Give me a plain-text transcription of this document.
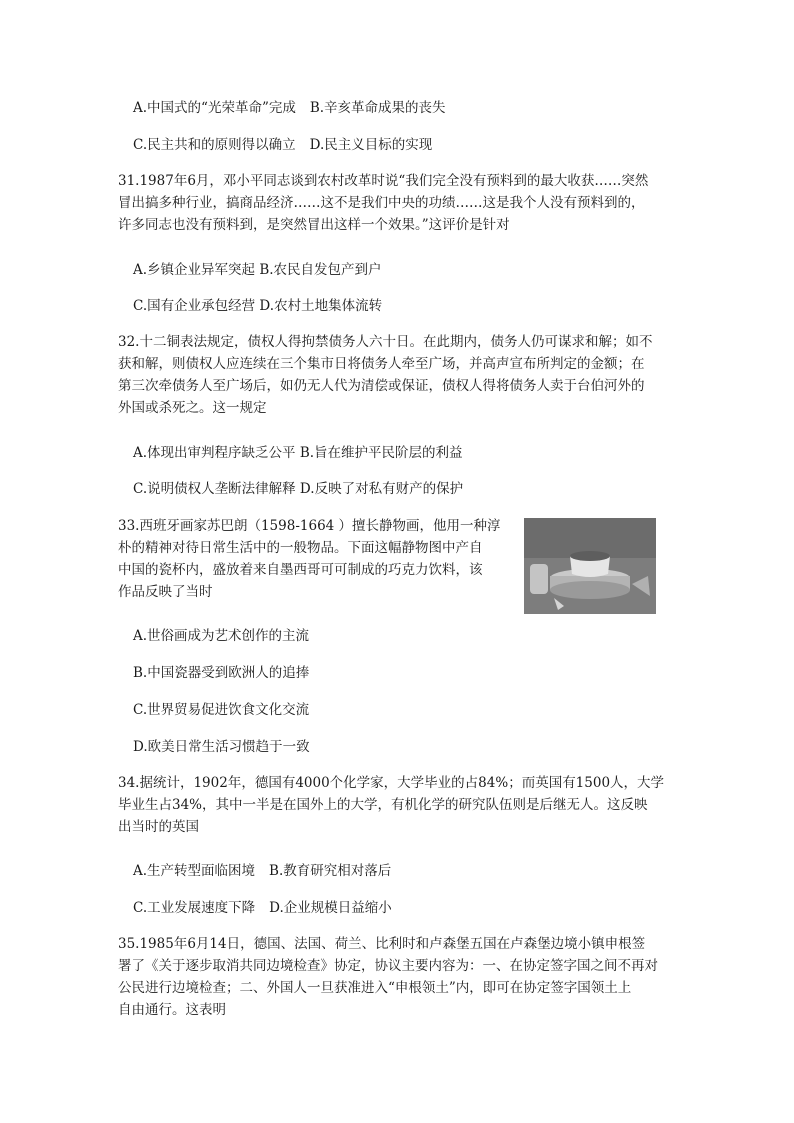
A.中国式的“光荣革命”完成 B.辛亥革命成果的丧失
C.民主共和的原则得以确立 D.民主义目标的实现

31.1987年6月，邓小平同志谈到农村改革时说“我们完全没有预料到的最大收获……突然

冒出搞多种行业，搞商品经济……这不是我们中央的功绩……这是我个人没有预料到的，

许多同志也没有预料到，是突然冒出这样一个效果。”这评价是针对

A.乡镇企业异军突起 B.农民自发包产到户
C.国有企业承包经营 D.农村土地集体流转

32.十二铜表法规定，债权人得拘禁债务人六十日。在此期内，债务人仍可谋求和解；如不

获和解，则债权人应连续在三个集市日将债务人牵至广场，并高声宣布所判定的金额；在

第三次牵债务人至广场后，如仍无人代为清偿或保证，债权人得将债务人卖于台伯河外的

外国或杀死之。这一规定

A.体现出审判程序缺乏公平 B.旨在维护平民阶层的利益
C.说明债权人垄断法律解释 D.反映了对私有财产的保护

33.西班牙画家苏巴朗（1598-1664 ）擅长静物画，他用一种淳

朴的精神对待日常生活中的一般物品。下面这幅静物图中产自

中国的瓷杯内，盛放着来自墨西哥可可制成的巧克力饮料，该

作品反映了当时

A.世俗画成为艺术创作的主流
B.中国瓷器受到欧洲人的追捧
C.世界贸易促进饮食文化交流
D.欧美日常生活习惯趋于一致

34.据统计，1902年，德国有4000个化学家，大学毕业的占84%；而英国有1500人，大学

毕业生占34%，其中一半是在国外上的大学，有机化学的研究队伍则是后继无人。这反映

出当时的英国

A.生产转型面临困境 B.教育研究相对落后
C.工业发展速度下降 D.企业规模日益缩小

35.1985年6月14日，德国、法国、荷兰、比利时和卢森堡五国在卢森堡边境小镇申根签

署了《关于逐步取消共同边境检查》协定，协议主要内容为：一、在协定签字国之间不再对

公民进行边境检查；二、外国人一旦获准进入“申根领土”内，即可在协定签字国领土上

自由通行。这表明
